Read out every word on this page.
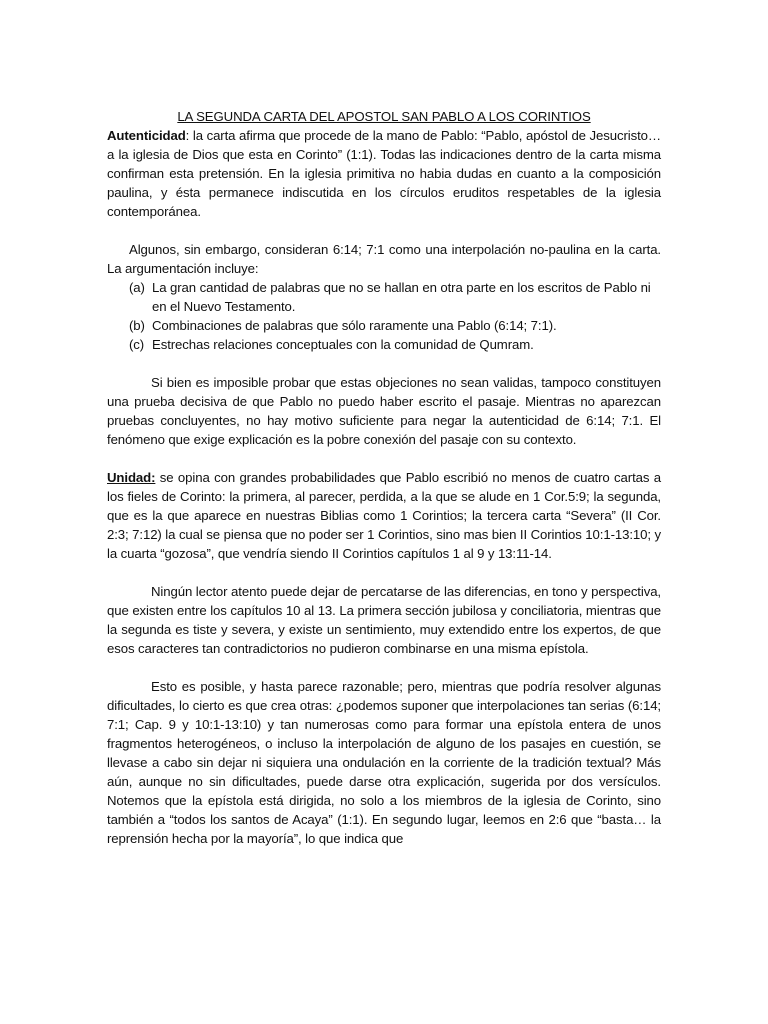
LA SEGUNDA CARTA DEL APOSTOL SAN PABLO A LOS CORINTIOS

Autenticidad: la carta afirma que procede de la mano de Pablo: “Pablo, apóstol de Jesucristo… a la iglesia de Dios que esta en Corinto” (1:1). Todas las indicaciones dentro de la carta misma confirman esta pretensión. En la iglesia primitiva no habia dudas en cuanto a la composición paulina, y ésta permanece indiscutida en los círculos eruditos respetables de la iglesia contemporánea.

Algunos, sin embargo, consideran 6:14; 7:1 como una interpolación no-paulina en la carta. La argumentación incluye:

(a) La gran cantidad de palabras que no se hallan en otra parte en los escritos de Pablo ni en el Nuevo Testamento.
(b) Combinaciones de palabras que sólo raramente una Pablo (6:14; 7:1).
(c) Estrechas relaciones conceptuales con la comunidad de Qumram.

Si bien es imposible probar que estas objeciones no sean validas, tampoco constituyen una prueba decisiva de que Pablo no puedo haber escrito el pasaje. Mientras no aparezcan pruebas concluyentes, no hay motivo suficiente para negar la autenticidad de 6:14; 7:1. El fenómeno que exige explicación es la pobre conexión del pasaje con su contexto.

Unidad: se opina con grandes probabilidades que Pablo escribió no menos de cuatro cartas a los fieles de Corinto: la primera, al parecer, perdida, a la que se alude en 1 Cor.5:9; la segunda, que es la que aparece en nuestras Biblias como 1 Corintios; la tercera carta “Severa” (II Cor. 2:3; 7:12) la cual se piensa que no poder ser 1 Corintios, sino mas bien II Corintios 10:1-13:10; y la cuarta “gozosa”, que vendría siendo II Corintios capítulos 1 al 9 y 13:11-14.

Ningún lector atento puede dejar de percatarse de las diferencias, en tono y perspectiva, que existen entre los capítulos 10 al 13. La primera sección jubilosa y conciliatoria, mientras que la segunda es tiste y severa, y existe un sentimiento, muy extendido entre los expertos, de que esos caracteres tan contradictorios no pudieron combinarse en una misma epístola.

Esto es posible, y hasta parece razonable; pero, mientras que podría resolver algunas dificultades, lo cierto es que crea otras: ¿podemos suponer que interpolaciones tan serias (6:14; 7:1; Cap. 9 y 10:1-13:10) y tan numerosas como para formar una epístola entera de unos fragmentos heterogéneos, o incluso la interpolación de alguno de los pasajes en cuestión, se llevase a cabo sin dejar ni siquiera una ondulación en la corriente de la tradición textual? Más aún, aunque no sin dificultades, puede darse otra explicación, sugerida por dos versículos. Notemos que la epístola está dirigida, no solo a los miembros de la iglesia de Corinto, sino también a “todos los santos de Acaya” (1:1). En segundo lugar, leemos en 2:6 que “basta… la reprensión hecha por la mayoría”, lo que indica que
